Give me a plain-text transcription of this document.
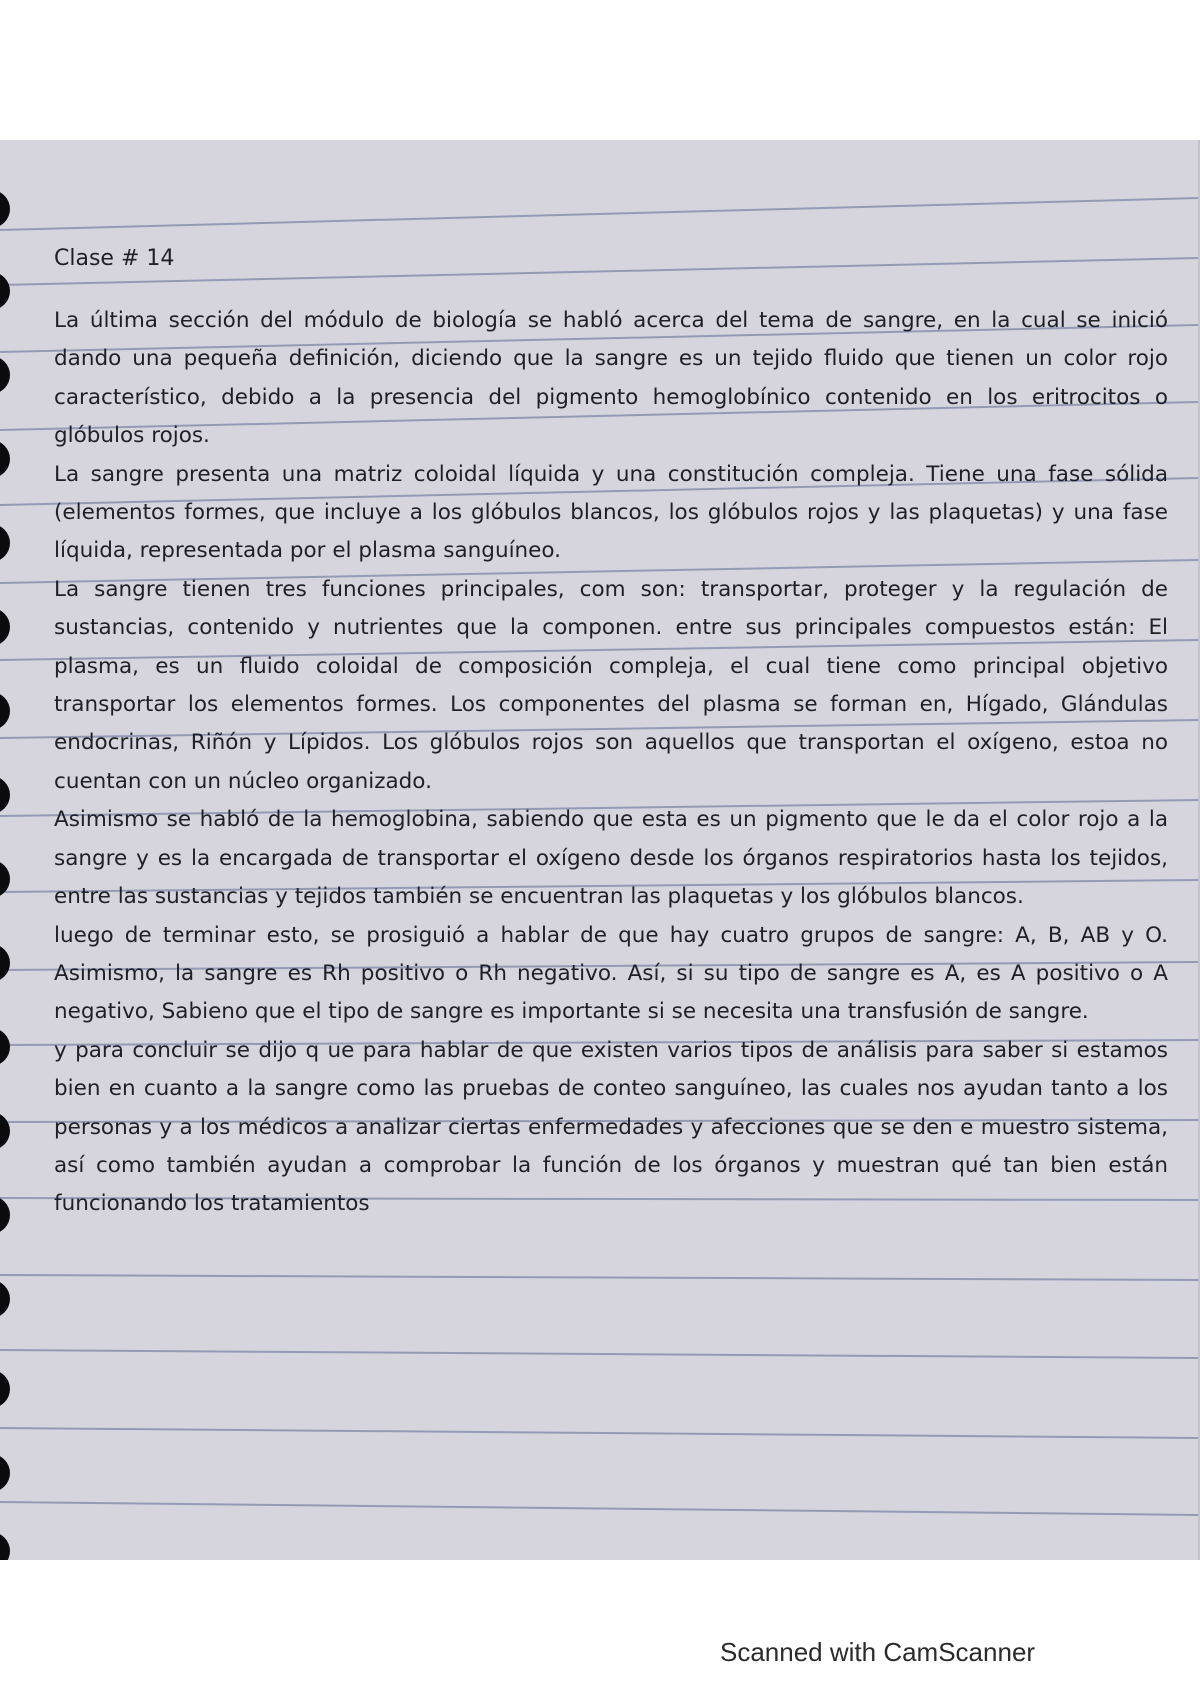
Clase # 14

La última sección del módulo de biología se habló acerca del tema de sangre, en la cual se inició dando una pequeña definición, diciendo que la sangre es un tejido fluido que tienen un color rojo característico, debido a la presencia del pigmento hemoglobínico contenido en los eritrocitos o glóbulos rojos.

La sangre presenta una matriz coloidal líquida y una constitución compleja. Tiene una fase sólida (elementos formes, que incluye a los glóbulos blancos, los glóbulos rojos y las plaquetas) y una fase líquida, representada por el plasma sanguíneo.

La sangre tienen tres funciones principales, com son: transportar, proteger y la regulación de sustancias, contenido y nutrientes que la componen. entre sus principales compuestos están: El plasma, es un fluido coloidal de composición compleja, el cual tiene como principal objetivo transportar los elementos formes. Los componentes del plasma se forman en, Hígado, Glándulas endocrinas, Riñón y Lípidos. Los glóbulos rojos son aquellos que transportan el oxígeno, estoa no cuentan con un núcleo organizado.

Asimismo se habló de la hemoglobina, sabiendo que esta es un pigmento que le da el color rojo a la sangre y es la encargada de transportar el oxígeno desde los órganos respiratorios hasta los tejidos, entre las sustancias y tejidos también se encuentran las plaquetas y los glóbulos blancos.

luego de terminar esto, se prosiguió a hablar de que hay cuatro grupos de sangre: A, B, AB y O. Asimismo, la sangre es Rh positivo o Rh negativo. Así, si su tipo de sangre es A, es A positivo o A negativo, Sabieno que el tipo de sangre es importante si se necesita una transfusión de sangre.

y para concluir se dijo q ue para hablar de que existen varios tipos de análisis para saber si estamos bien en cuanto a la sangre como las pruebas de conteo sanguíneo, las cuales nos ayudan tanto a los personas y a los médicos a analizar ciertas enfermedades y afecciones que se den e muestro sistema, así como también ayudan a comprobar la función de los órganos y muestran qué tan bien están funcionando los tratamientos

Scanned with CamScanner
